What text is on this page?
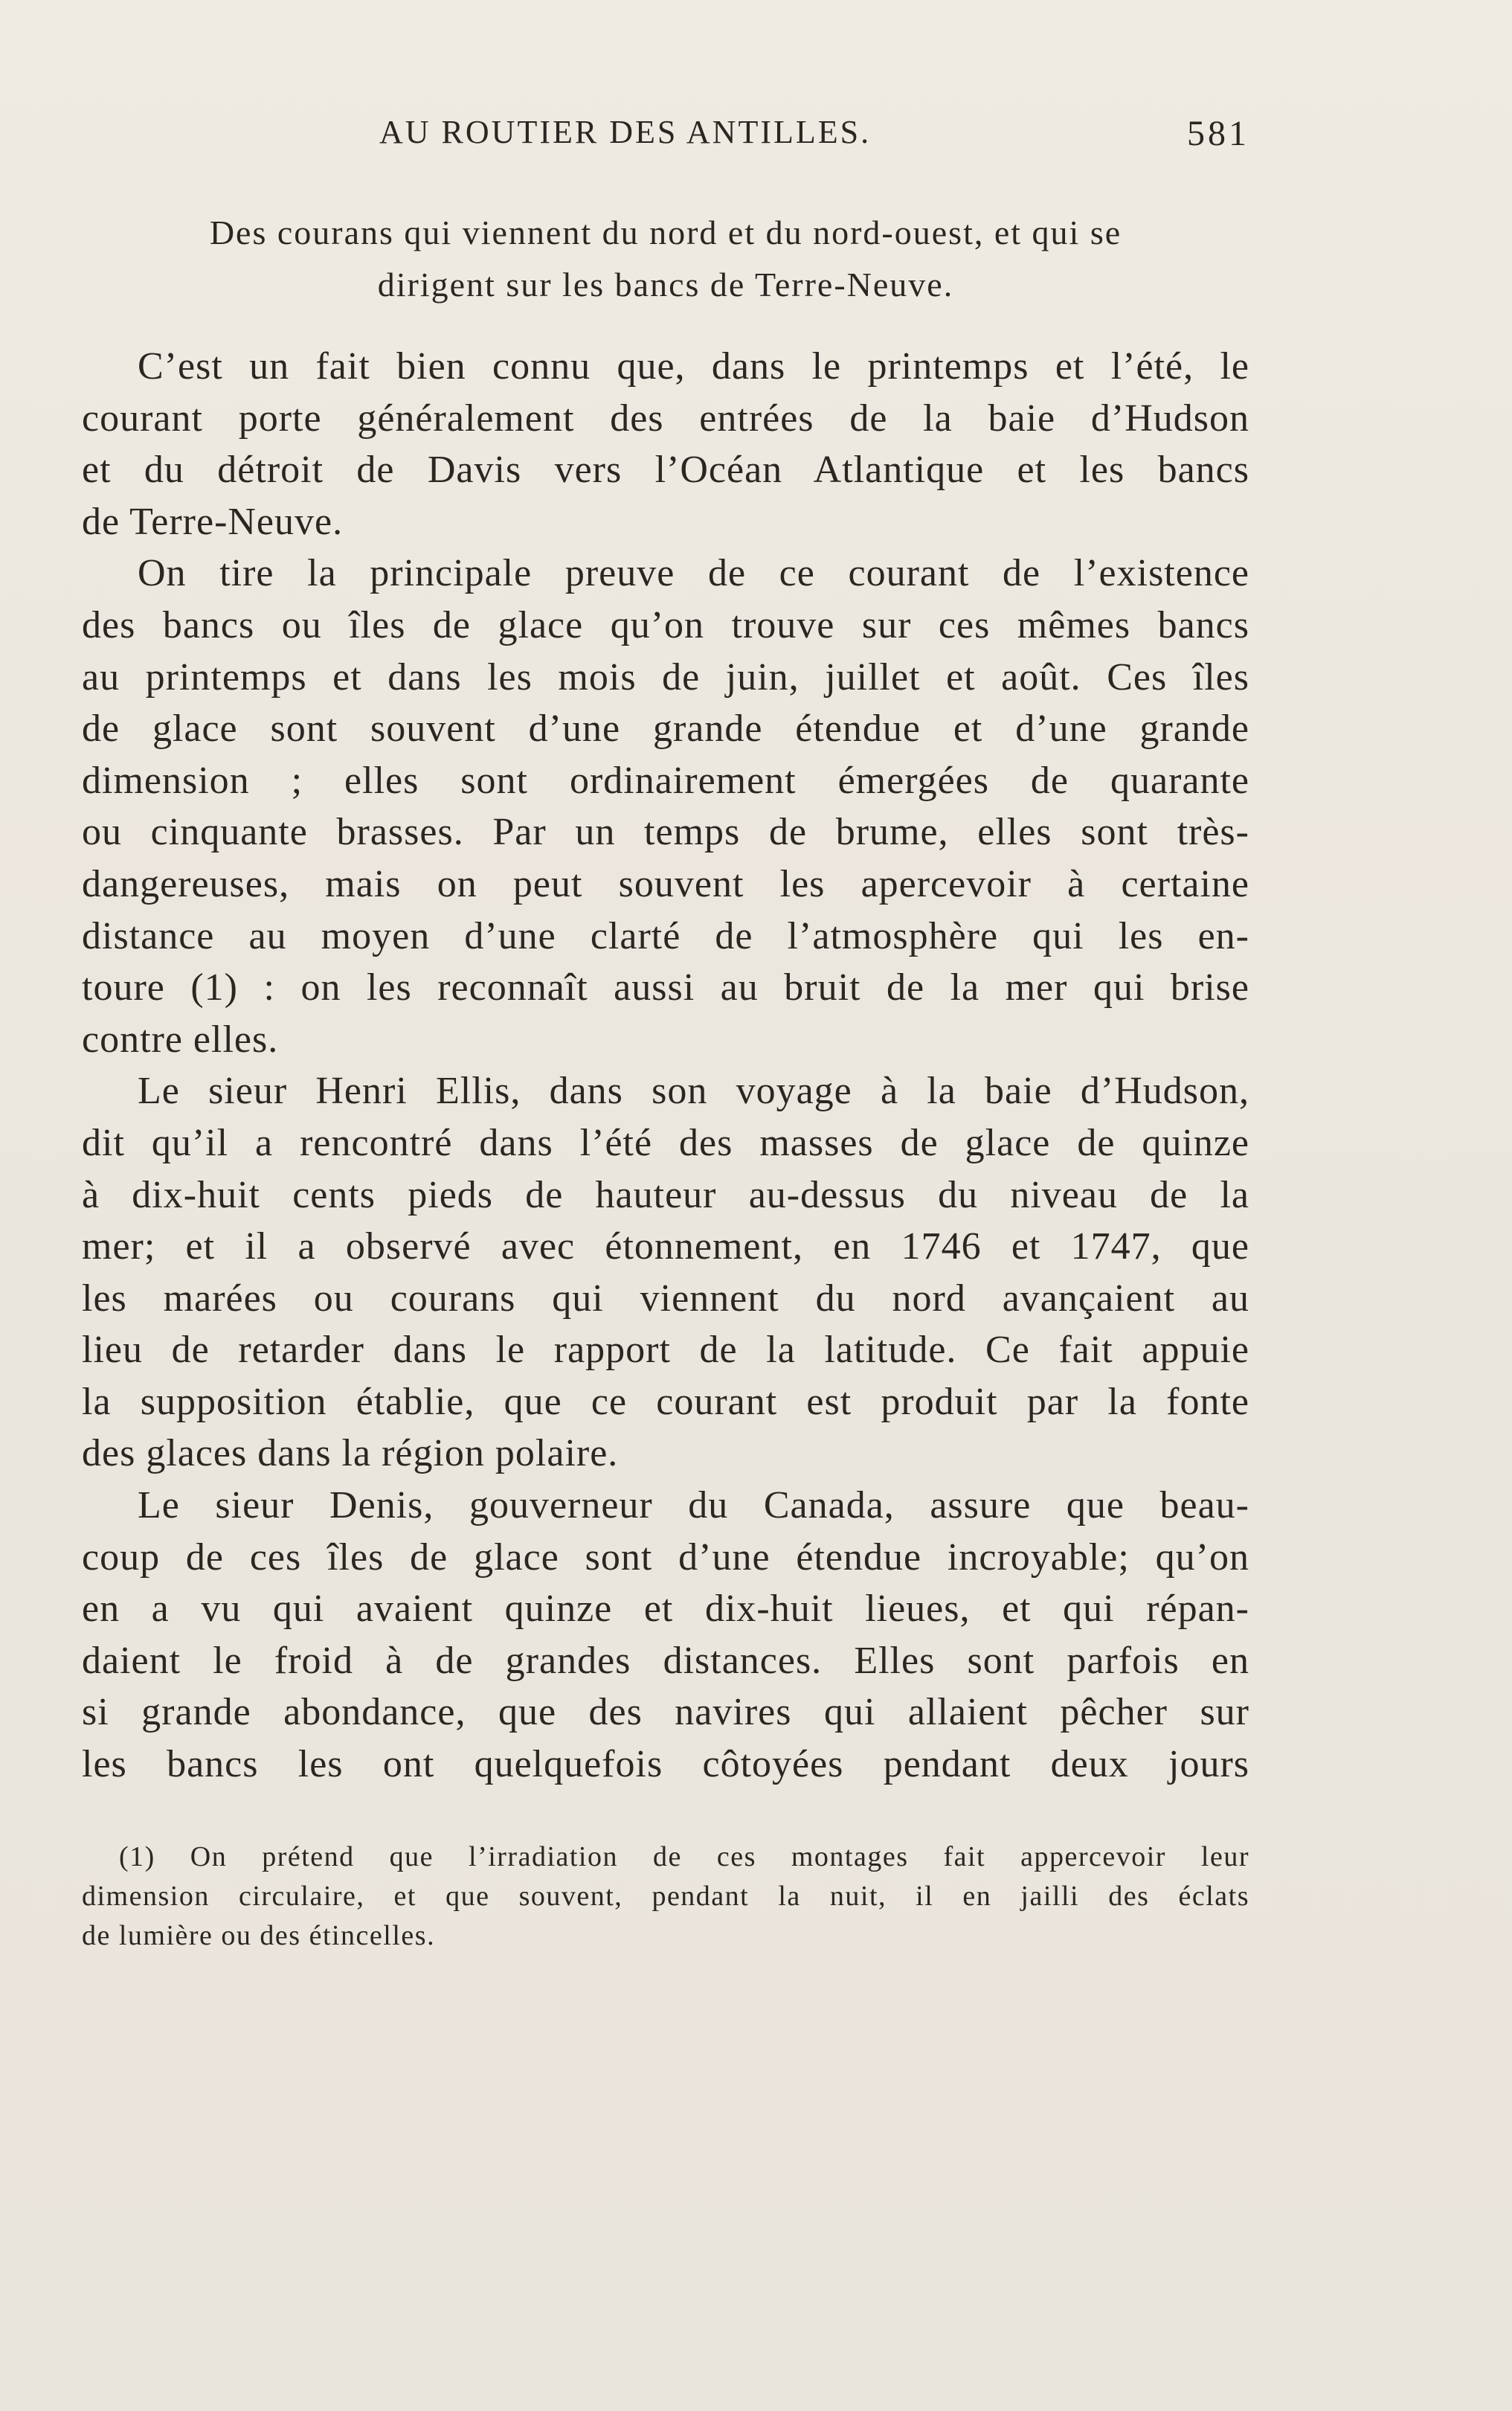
AU ROUTIER DES ANTILLES.	581
Des courans qui viennent du nord et du nord-ouest, et qui se
dirigent sur les bancs de Terre-Neuve.
C’est un fait bien connu que, dans le printemps et l’été, le
courant porte généralement des entrées de la baie d’Hudson
et du détroit de Davis vers l’Océan Atlantique et les bancs
de Terre-Neuve.
On tire la principale preuve de ce courant de l’existence
des bancs ou îles de glace qu’on trouve sur ces mêmes bancs
au printemps et dans les mois de juin, juillet et août. Ces îles
de glace sont souvent d’une grande étendue et d’une grande
dimension ; elles sont ordinairement émergées de quarante
ou cinquante brasses. Par un temps de brume, elles sont très-
dangereuses, mais on peut souvent les apercevoir à certaine
distance au moyen d’une clarté de l’atmosphère qui les en-
toure (1) : on les reconnaît aussi au bruit de la mer qui brise
contre elles.
Le sieur Henri Ellis, dans son voyage à la baie d’Hudson,
dit qu’il a rencontré dans l’été des masses de glace de quinze
à dix-huit cents pieds de hauteur au-dessus du niveau de la
mer; et il a observé avec étonnement, en 1746 et 1747, que
les marées ou courans qui viennent du nord avançaient au
lieu de retarder dans le rapport de la latitude. Ce fait appuie
la supposition établie, que ce courant est produit par la fonte
des glaces dans la région polaire.
Le sieur Denis, gouverneur du Canada, assure que beau-
coup de ces îles de glace sont d’une étendue incroyable; qu’on
en a vu qui avaient quinze et dix-huit lieues, et qui répan-
daient le froid à de grandes distances. Elles sont parfois en
si grande abondance, que des navires qui allaient pêcher sur
les bancs les ont quelquefois côtoyées pendant deux jours
(1) On prétend que l’irradiation de ces montages fait appercevoir leur
dimension circulaire, et que souvent, pendant la nuit, il en jailli des éclats
de lumière ou des étincelles.
